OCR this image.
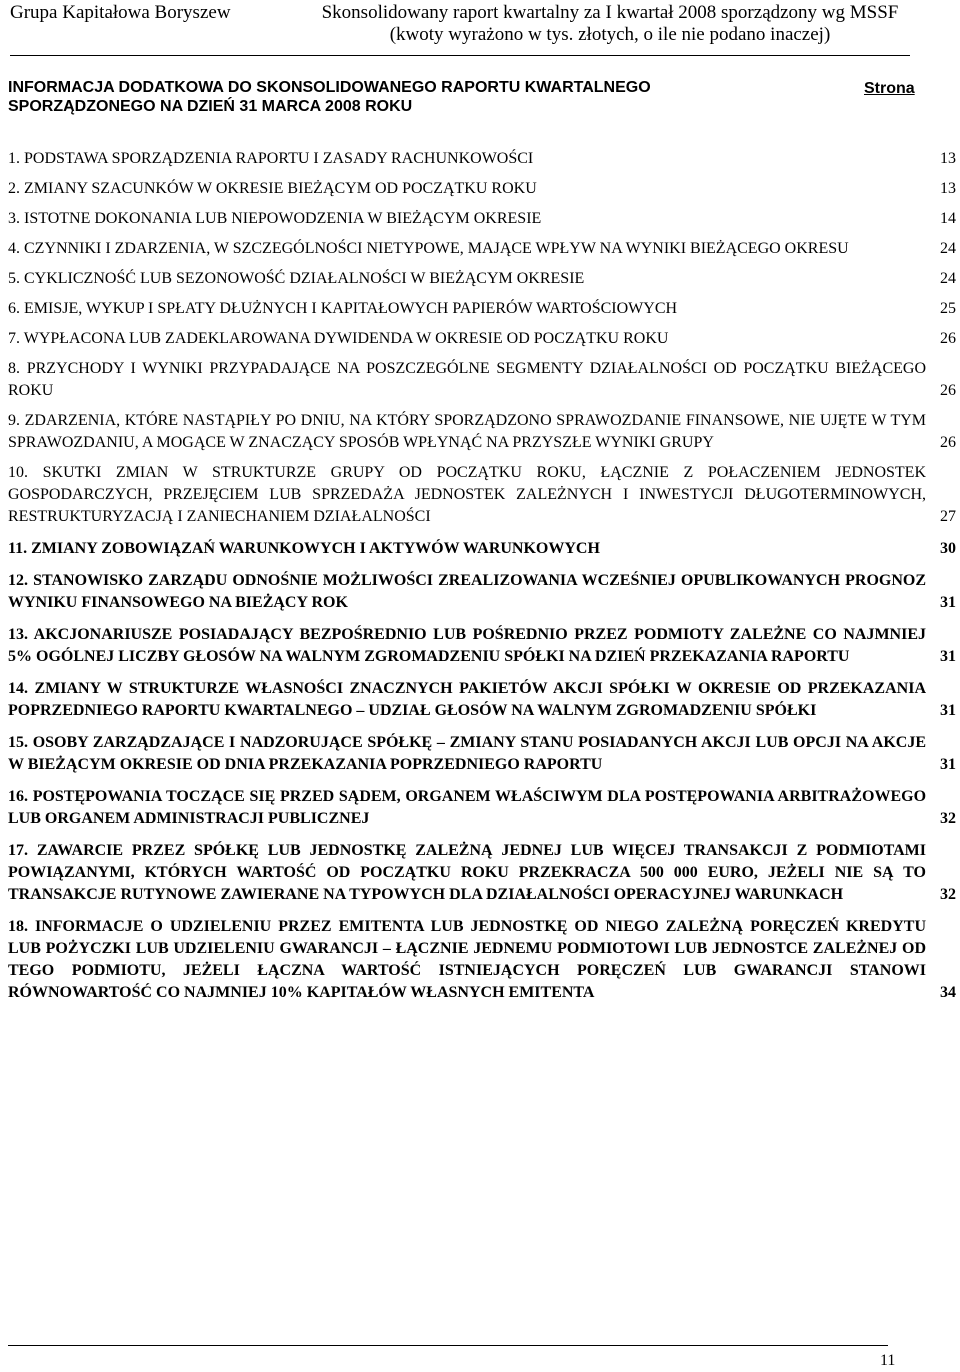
Grupa Kapitałowa Boryszew	Skonsolidowany raport kwartalny za I kwartał 2008 sporządzony wg MSSF
(kwoty wyrażono w tys. złotych, o ile nie podano inaczej)
INFORMACJA DODATKOWA DO SKONSOLIDOWANEGO RAPORTU KWARTALNEGO SPORZĄDZONEGO NA DZIEŃ 31 MARCA 2008 ROKU
Strona
1. PODSTAWA SPORZĄDZENIA RAPORTU I ZASADY RACHUNKOWOŚCI	13
2. ZMIANY SZACUNKÓW W OKRESIE BIEŻĄCYM OD POCZĄTKU ROKU	13
3. ISTOTNE DOKONANIA LUB NIEPOWODZENIA W BIEŻĄCYM OKRESIE	14
4. CZYNNIKI I ZDARZENIA, W SZCZEGÓLNOŚCI NIETYPOWE, MAJĄCE WPŁYW NA WYNIKI BIEŻĄCEGO OKRESU	24
5. CYKLICZNOŚĆ LUB SEZONOWOŚĆ DZIAŁALNOŚCI W BIEŻĄCYM OKRESIE	24
6. EMISJE, WYKUP I SPŁATY DŁUŻNYCH I KAPITAŁOWYCH PAPIERÓW WARTOŚCIOWYCH	25
7. WYPŁACONA LUB ZADEKLAROWANA DYWIDENDA W OKRESIE OD POCZĄTKU ROKU	26
8. PRZYCHODY I WYNIKI PRZYPADAJĄCE NA POSZCZEGÓLNE SEGMENTY DZIAŁALNOŚCI OD POCZĄTKU BIEŻĄCEGO ROKU	26
9. ZDARZENIA, KTÓRE NASTĄPIŁY PO DNIU, NA KTÓRY SPORZĄDZONO SPRAWOZDANIE FINANSOWE, NIE UJĘTE W TYM SPRAWOZDANIU, A MOGĄCE W ZNACZĄCY SPOSÓB WPŁYNĄĆ NA PRZYSZŁE WYNIKI GRUPY	26
10. SKUTKI ZMIAN W STRUKTURZE GRUPY OD POCZĄTKU ROKU, ŁĄCZNIE Z POŁACZENIEM JEDNOSTEK GOSPODARCZYCH, PRZEJĘCIEM LUB SPRZEDAŻA JEDNOSTEK ZALEŻNYCH I INWESTYCJI DŁUGOTERMINOWYCH, RESTRUKTURYZACJĄ I ZANIECHANIEM DZIAŁALNOŚCI	27
11. ZMIANY ZOBOWIĄZAŃ WARUNKOWYCH I AKTYWÓW WARUNKOWYCH	30
12. STANOWISKO ZARZĄDU ODNOŚNIE MOŻLIWOŚCI ZREALIZOWANIA WCZEŚNIEJ OPUBLIKOWANYCH PROGNOZ WYNIKU FINANSOWEGO NA BIEŻĄCY ROK	31
13. AKCJONARIUSZE POSIADAJĄCY BEZPOŚREDNIO LUB POŚREDNIO PRZEZ PODMIOTY ZALEŻNE CO NAJMNIEJ 5% OGÓLNEJ LICZBY GŁOSÓW NA WALNYM ZGROMADZENIU SPÓŁKI NA DZIEŃ PRZEKAZANIA RAPORTU	31
14. ZMIANY W STRUKTURZE WŁASNOŚCI ZNACZNYCH PAKIETÓW AKCJI SPÓŁKI W OKRESIE OD PRZEKAZANIA POPRZEDNIEGO RAPORTU KWARTALNEGO – UDZIAŁ GŁOSÓW NA WALNYM ZGROMADZENIU SPÓŁKI	31
15. OSOBY ZARZĄDZAJĄCE I NADZORUJĄCE SPÓŁKĘ – ZMIANY STANU POSIADANYCH AKCJI LUB OPCJI NA AKCJE W BIEŻĄCYM OKRESIE OD DNIA PRZEKAZANIA POPRZEDNIEGO RAPORTU	31
16. POSTĘPOWANIA TOCZĄCE SIĘ PRZED SĄDEM, ORGANEM WŁAŚCIWYM DLA POSTĘPOWANIA ARBITRAŻOWEGO LUB ORGANEM ADMINISTRACJI PUBLICZNEJ	32
17. ZAWARCIE PRZEZ SPÓŁKĘ LUB JEDNOSTKĘ ZALEŻNĄ JEDNEJ LUB WIĘCEJ TRANSAKCJI Z PODMIOTAMI POWIĄZANYMI, KTÓRYCH WARTOŚĆ OD POCZĄTKU ROKU PRZEKRACZA 500 000 EURO, JEŻELI NIE SĄ TO TRANSAKCJE RUTYNOWE ZAWIERANE NA TYPOWYCH DLA DZIAŁALNOŚCI OPERACYJNEJ WARUNKACH	32
18. INFORMACJE O UDZIELENIU PRZEZ EMITENTA LUB JEDNOSTKĘ OD NIEGO ZALEŻNĄ PORĘCZEŃ KREDYTU LUB POŻYCZKI LUB UDZIELENIU GWARANCJI – ŁĄCZNIE JEDNEMU PODMIOTOWI LUB JEDNOSTCE ZALEŻNEJ OD TEGO PODMIOTU, JEŻELI ŁĄCZNA WARTOŚĆ ISTNIEJĄCYCH PORĘCZEŃ LUB GWARANCJI STANOWI RÓWNOWARTOŚĆ CO NAJMNIEJ 10% KAPITAŁÓW WŁASNYCH EMITENTA	34
11
